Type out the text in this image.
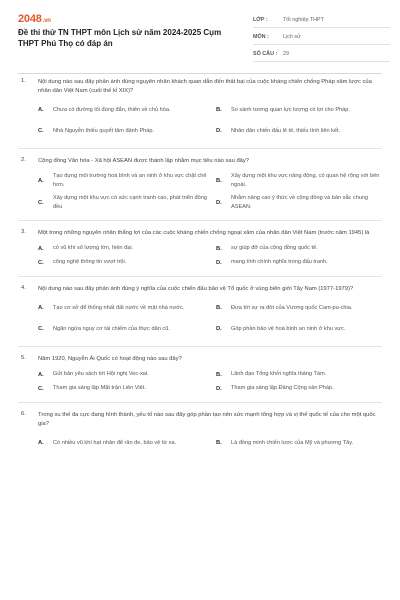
2048.vn
Đề thi thử TN THPT môn Lịch sử năm 2024-2025 Cụm THPT Phú Thọ có đáp án
LỚP :	Tốt nghiệp THPT
MÔN :	Lịch sử
SỐ CÂU : 29
1. Nội dung nào sau đây phản ánh đúng nguyên nhân khách quan dẫn đến thất bại của cuộc kháng chiến chống Pháp xâm lược của nhân dân Việt Nam (cuối thế kỉ XIX)?
A. Chưa có đường lối đúng đắn, thiên về chủ hòa.	B. So sánh tương quan lực lượng có lợi cho Pháp.
C. Nhà Nguyễn thiếu quyết tâm đánh Pháp.	D. Nhân dân chiến đấu lẻ tẻ, thiếu tính liên kết.
2. Cộng đồng Văn hóa - Xã hội ASEAN được thành lập nhằm mục tiêu nào sau đây?
A.
Tạo dựng môi trường hoà bình và an ninh ở khu vực chật chẽ hơn.
B.
Xây dựng một khu vực năng động, có quan hệ rộng với bên ngoài.
C.
Xây dựng một khu vực có sức cạnh tranh cao, phát triển đồng đều
D.
Nhằm nâng cao ý thức về cộng đồng và bản sắc chung ASEAN.
3. Một trong những nguyên nhân thắng lợi của các cuộc kháng chiến chống ngoại xâm của nhân dân Việt Nam (trước năm 1945) là
A. có vũ khí số lượng lớn, hiện đại.	B. sự giúp đỡ của cộng đồng quốc tế.
C. công nghệ thông tin vượt trội.	D. mang tính chính nghĩa trong đấu tranh.
4. Nội dung nào sau đây phản ánh đúng ý nghĩa của cuộc chiến đấu bảo vệ Tổ quốc ở vùng biên giới Tây Nam (1977-1979)?
A. Tạo cơ sở để thống nhất đất nước về mặt nhà nước.	B. Đưa tới sự ra đời của Vương quốc Cam-pu-chia.
C. Ngăn ngừa nguy cơ tái chiếm của thực dân cũ.	D. Góp phần bảo vệ hoà bình an ninh ở khu vực.
5. Năm 1920, Nguyễn Ái Quốc có hoạt động nào sau đây?
A. Gửi bản yêu sách tới Hội nghị Vec-xai.	B. Lãnh đạo Tổng khởi nghĩa tháng Tám.
C. Tham gia sáng lập Mặt trận Liên Việt.	D. Tham gia sáng lập Đảng Cộng sản Pháp.
6. Trong xu thế đa cực đang hình thành, yếu tố nào sau đây góp phần tạo nên sức mạnh tổng hợp và vị thế quốc tế của cho một quốc gia?
A. Có nhiều vũ khí hạt nhân để răn đe, bảo vệ từ xa.	B. Là đồng minh chiến lược của Mỹ và phương Tây.
